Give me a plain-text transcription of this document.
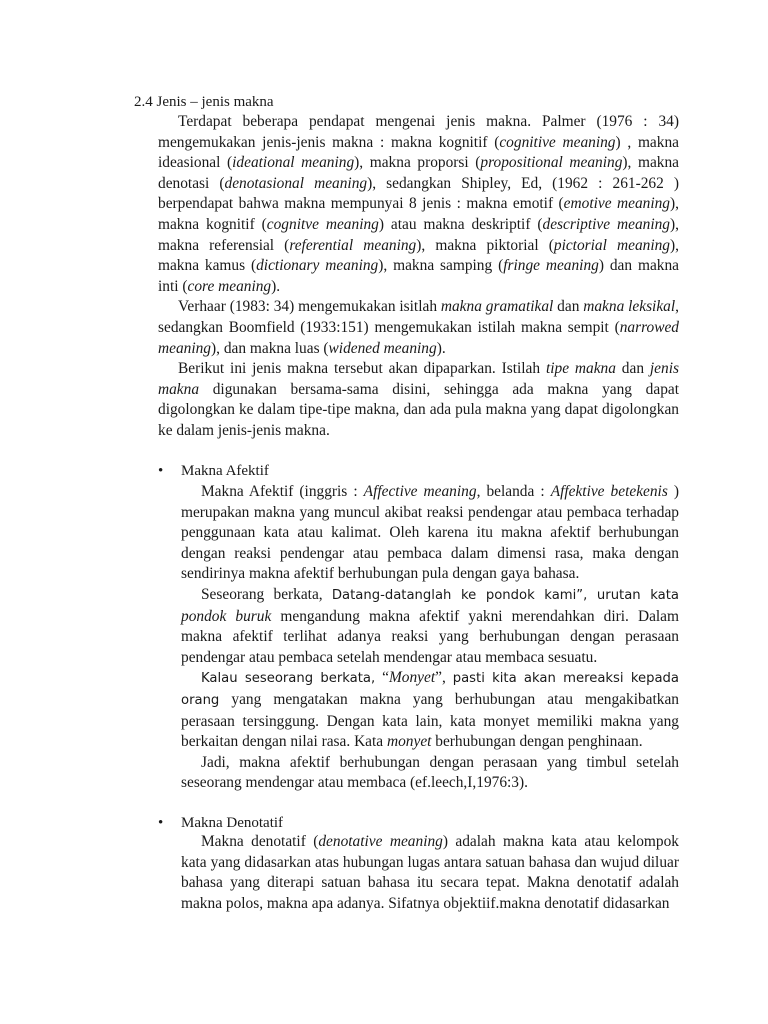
2.4 Jenis – jenis makna

Terdapat beberapa pendapat mengenai jenis makna. Palmer (1976 : 34) mengemukakan jenis-jenis makna : makna kognitif (cognitive meaning) , makna ideasional (ideational meaning), makna proporsi (propositional meaning), makna denotasi (denotasional meaning), sedangkan Shipley, Ed, (1962 : 261-262 ) berpendapat bahwa makna mempunyai 8 jenis : makna emotif (emotive meaning), makna kognitif (cognitve meaning) atau makna deskriptif (descriptive meaning), makna referensial (referential meaning), makna piktorial (pictorial meaning), makna kamus (dictionary meaning), makna samping (fringe meaning) dan makna inti (core meaning).

Verhaar (1983: 34) mengemukakan isitlah makna gramatikal dan makna leksikal, sedangkan Boomfield (1933:151) mengemukakan istilah makna sempit (narrowed meaning), dan makna luas (widened meaning).

Berikut ini jenis makna tersebut akan dipaparkan. Istilah tipe makna dan jenis makna digunakan bersama-sama disini, sehingga ada makna yang dapat digolongkan ke dalam tipe-tipe makna, dan ada pula makna yang dapat digolongkan ke dalam jenis-jenis makna.

• Makna Afektif

Makna Afektif (inggris : Affective meaning, belanda : Affektive betekenis ) merupakan makna yang muncul akibat reaksi pendengar atau pembaca terhadap penggunaan kata atau kalimat. Oleh karena itu makna afektif berhubungan dengan reaksi pendengar atau pembaca dalam dimensi rasa, maka dengan sendirinya makna afektif berhubungan pula dengan gaya bahasa.

Seseorang berkata, Datang-datanglah ke pondok kami”, urutan kata pondok buruk mengandung makna afektif yakni merendahkan diri. Dalam makna afektif terlihat adanya reaksi yang berhubungan dengan perasaan pendengar atau pembaca setelah mendengar atau membaca sesuatu.

Kalau seseorang berkata, “Monyet”, pasti kita akan mereaksi kepada orang yang mengatakan makna yang berhubungan atau mengakibatkan perasaan tersinggung. Dengan kata lain, kata monyet memiliki makna yang berkaitan dengan nilai rasa. Kata monyet berhubungan dengan penghinaan.

Jadi, makna afektif berhubungan dengan perasaan yang timbul setelah seseorang mendengar atau membaca (ef.leech,I,1976:3).

• Makna Denotatif

Makna denotatif (denotative meaning) adalah makna kata atau kelompok kata yang didasarkan atas hubungan lugas antara satuan bahasa dan wujud diluar bahasa yang diterapi satuan bahasa itu secara tepat. Makna denotatif adalah makna polos, makna apa adanya. Sifatnya objektiif.makna denotatif didasarkan
